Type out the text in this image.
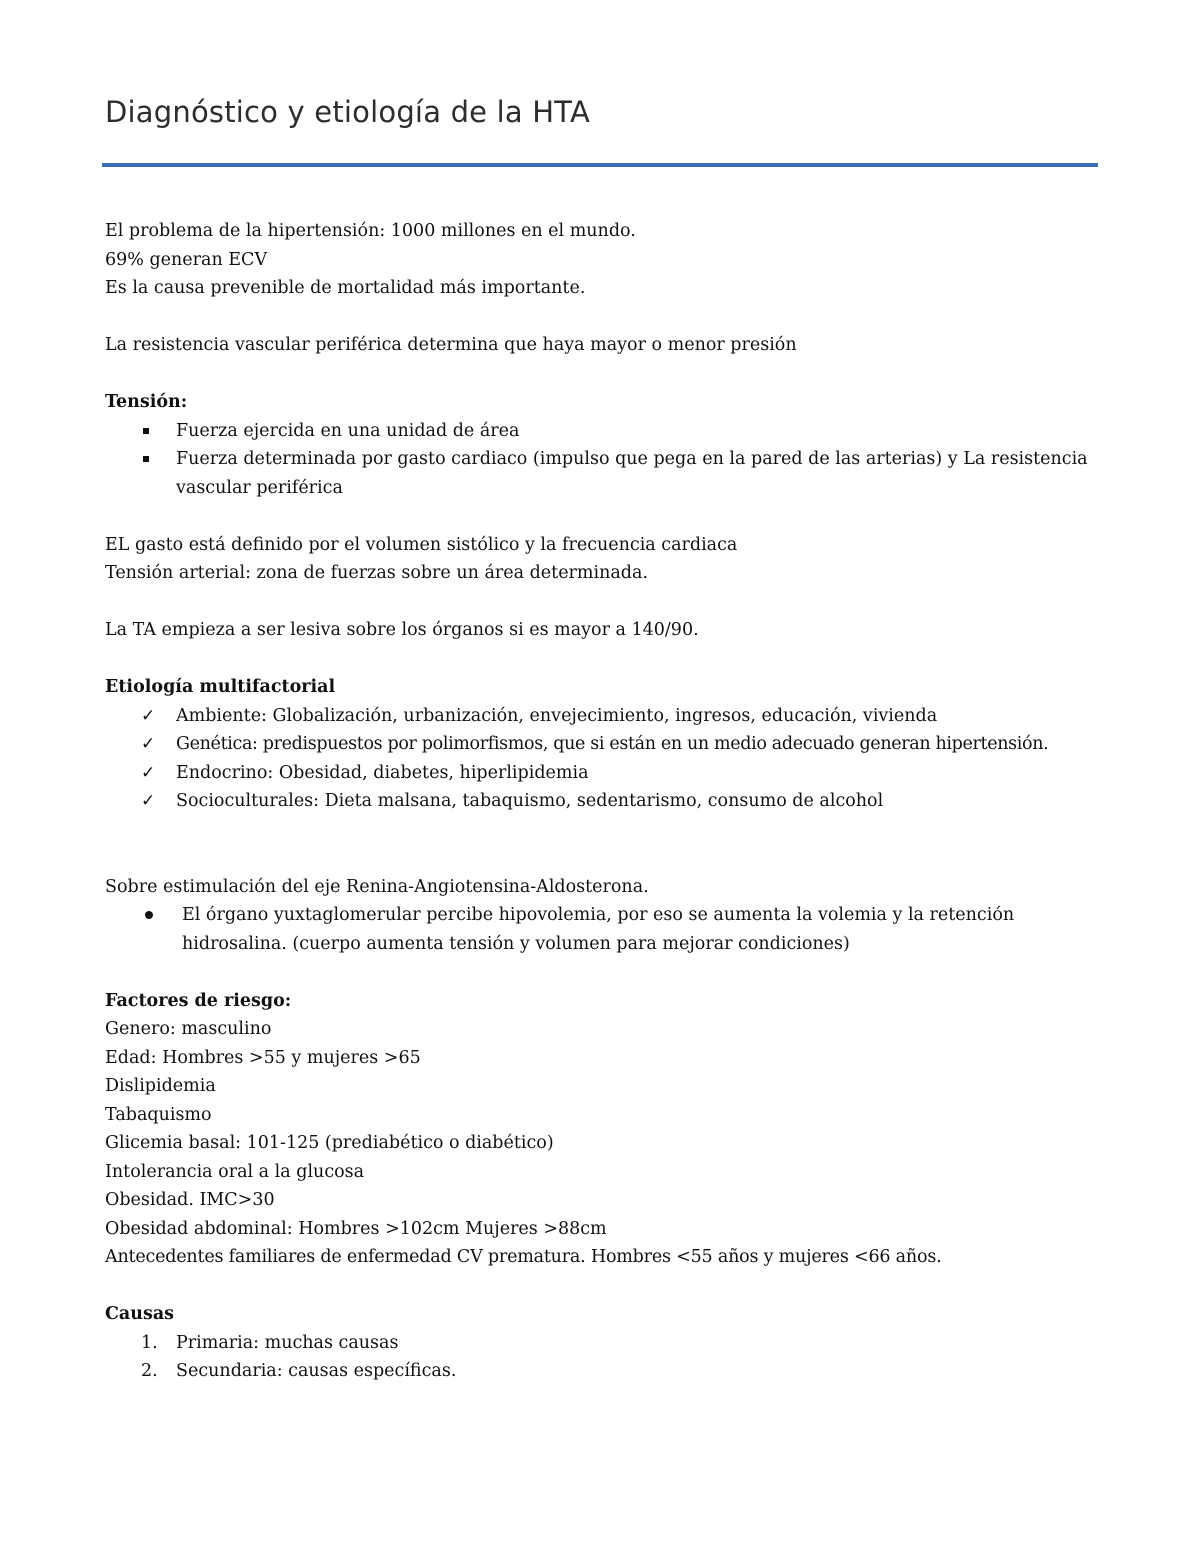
Diagnóstico y etiología de la HTA

El problema de la hipertensión: 1000 millones en el mundo.

69% generan ECV

Es la causa prevenible de mortalidad más importante.

La resistencia vascular periférica determina que haya mayor o menor presión

Tensión:

Fuerza ejercida en una unidad de área
Fuerza determinada por gasto cardiaco (impulso que pega en la pared de las arterias) y La resistencia vascular periférica

EL gasto está definido por el volumen sistólico y la frecuencia cardiaca

Tensión arterial: zona de fuerzas sobre un área determinada.

La TA empieza a ser lesiva sobre los órganos si es mayor a 140/90.

Etiología multifactorial

✓ Ambiente: Globalización, urbanización, envejecimiento, ingresos, educación, vivienda
✓ Genética: predispuestos por polimorfismos, que si están en un medio adecuado generan hipertensión.
✓ Endocrino: Obesidad, diabetes, hiperlipidemia
✓ Socioculturales: Dieta malsana, tabaquismo, sedentarismo, consumo de alcohol

Sobre estimulación del eje Renina-Angiotensina-Aldosterona.

El órgano yuxtaglomerular percibe hipovolemia, por eso se aumenta la volemia y la retención hidrosalina. (cuerpo aumenta tensión y volumen para mejorar condiciones)

Factores de riesgo:

Genero: masculino

Edad: Hombres >55 y mujeres >65

Dislipidemia

Tabaquismo

Glicemia basal: 101-125 (prediabético o diabético)

Intolerancia oral a la glucosa

Obesidad. IMC>30

Obesidad abdominal: Hombres >102cm Mujeres >88cm

Antecedentes familiares de enfermedad CV prematura. Hombres <55 años y mujeres <66 años.

Causas

1. Primaria: muchas causas
2. Secundaria: causas específicas.
